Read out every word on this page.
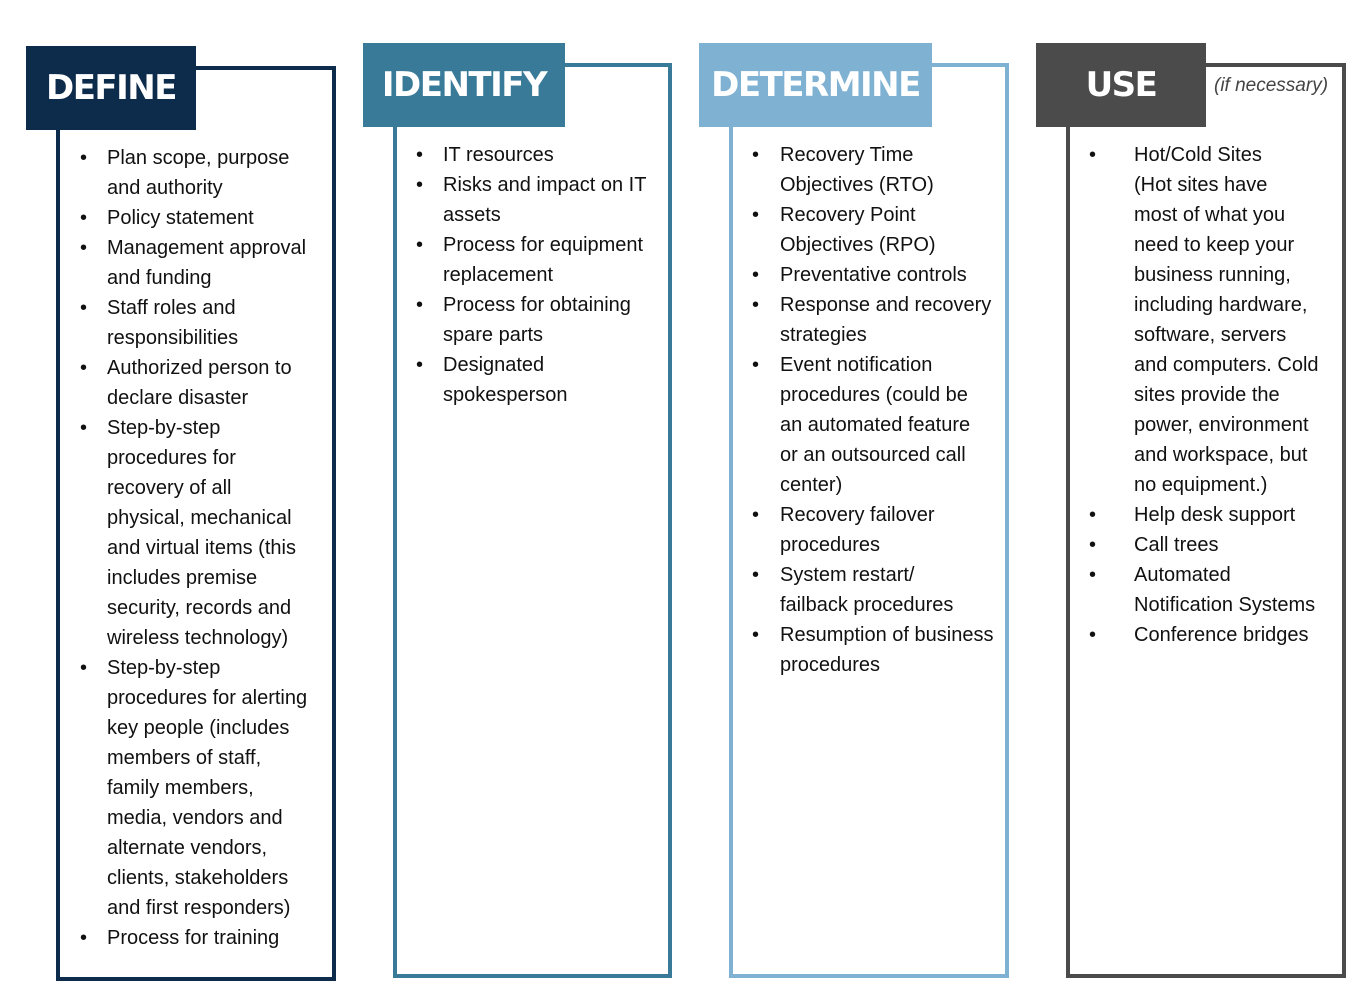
DEFINE
• Plan scope, purpose
and authority
• Policy statement
• Management approval
and funding
• Staff roles and
responsibilities
• Authorized person to
declare disaster
• Step-by-step
procedures for
recovery of all
physical, mechanical
and virtual items (this
includes premise
security, records and
wireless technology)
• Step-by-step
procedures for alerting
key people (includes
members of staff,
family members,
media, vendors and
alternate vendors,
clients, stakeholders
and first responders)
• Process for training
IDENTIFY
• IT resources
• Risks and impact on IT
assets
• Process for equipment
replacement
• Process for obtaining
spare parts
• Designated
spokesperson
DETERMINE
• Recovery Time
Objectives (RTO)
• Recovery Point
Objectives (RPO)
• Preventative controls
• Response and recovery
strategies
• Event notification
procedures (could be
an automated feature
or an outsourced call
center)
• Recovery failover
procedures
• System restart/
failback procedures
• Resumption of business
procedures
USE	(if necessary)
• Hot/Cold Sites
(Hot sites have
most of what you
need to keep your
business running,
including hardware,
software, servers
and computers. Cold
sites provide the
power, environment
and workspace, but
no equipment.)
• Help desk support
• Call trees
• Automated
Notification Systems
• Conference bridges
